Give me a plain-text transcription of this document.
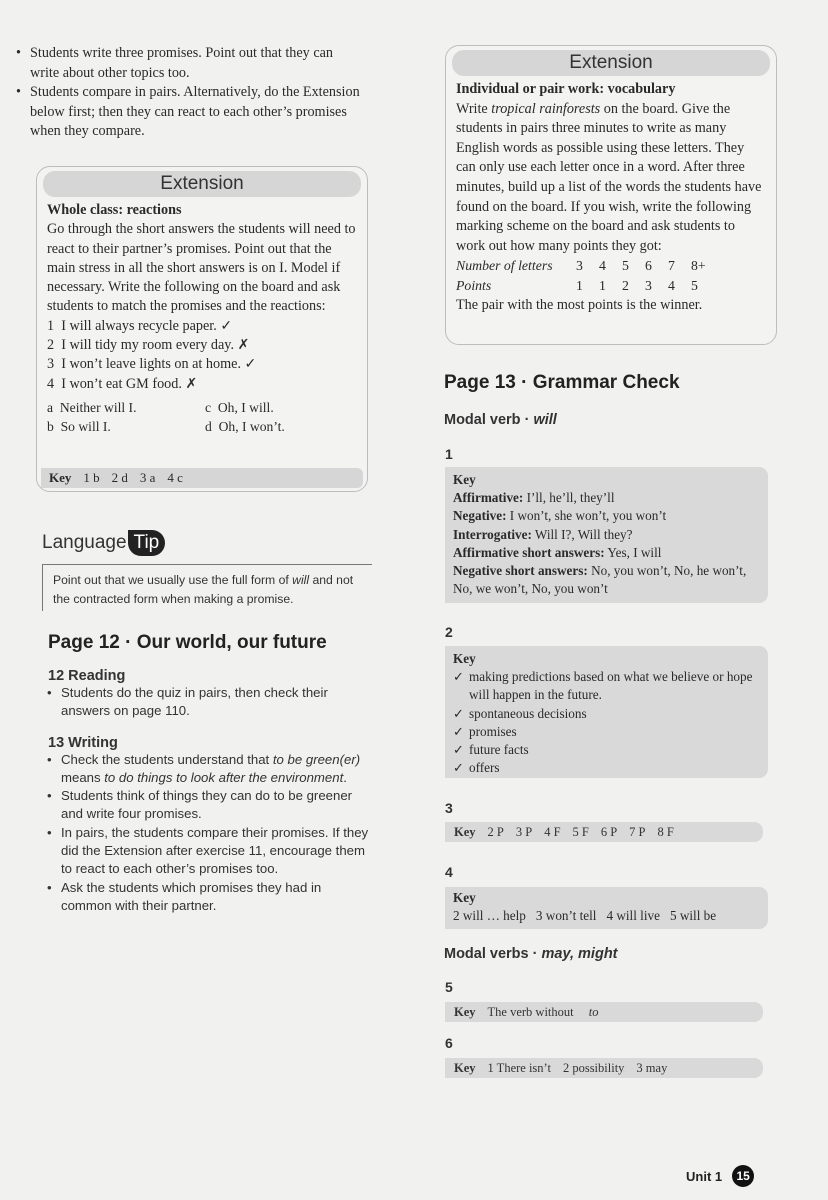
• Students write three promises. Point out that they can write about other topics too.
• Students compare in pairs. Alternatively, do the Extension below first; then they can react to each other’s promises when they compare.
Extension

Whole class: reactions

Go through the short answers the students will need to react to their partner’s promises. Point out that the main stress in all the short answers is on I. Model if necessary. Write the following on the board and ask students to match the promises and the reactions:

1 I will always recycle paper. ✓
2 I will tidy my room every day. ✗
3 I won’t leave lights on at home. ✓
4 I won’t eat GM food. ✗
a Neither will I.	c Oh, I will.
b So will I.	d Oh, I won’t.
Key 1 b 2 d 3 a 4 c
Language Tip
Point out that we usually use the full form of will and not the contracted form when making a promise.
Page 12 · Our world, our future
12 Reading
• Students do the quiz in pairs, then check their answers on page 110.
13 Writing
• Check the students understand that to be green(er) means to do things to look after the environment.
• Students think of things they can do to be greener and write four promises.
• In pairs, the students compare their promises. If they did the Extension after exercise 11, encourage them to react to each other’s promises too.
• Ask the students which promises they had in common with their partner.
Extension

Individual or pair work: vocabulary

Write tropical rainforests on the board. Give the students in pairs three minutes to write as many English words as possible using these letters. They can only use each letter once in a word. After three minutes, build up a list of the words the students have found on the board. If you wish, write the following marking scheme on the board and ask students to work out how many points they got:

Number of letters	3	4	5	6	7	8+
Points	1	1	2	3	4	5

The pair with the most points is the winner.

Page 13 · Grammar Check
Modal verb · will
1
Key
Affirmative: I’ll, he’ll, they’ll
Negative: I won’t, she won’t, you won’t
Interrogative: Will I?, Will they?
Affirmative short answers: Yes, I will
Negative short answers: No, you won’t, No, he won’t, No, we won’t, No, you won’t
2
Key
✓ making predictions based on what we believe or hope will happen in the future.
✓ spontaneous decisions
✓ promises
✓ future facts
✓ offers
3
Key 2 P 3 P 4 F 5 F 6 P 7 P 8 F
4
Key
2 will … help 3 won’t tell 4 will live 5 will be
Modal verbs · may, might
5
Key The verb without to
6
Key 1 There isn’t 2 possibility 3 may
Unit 1	15
